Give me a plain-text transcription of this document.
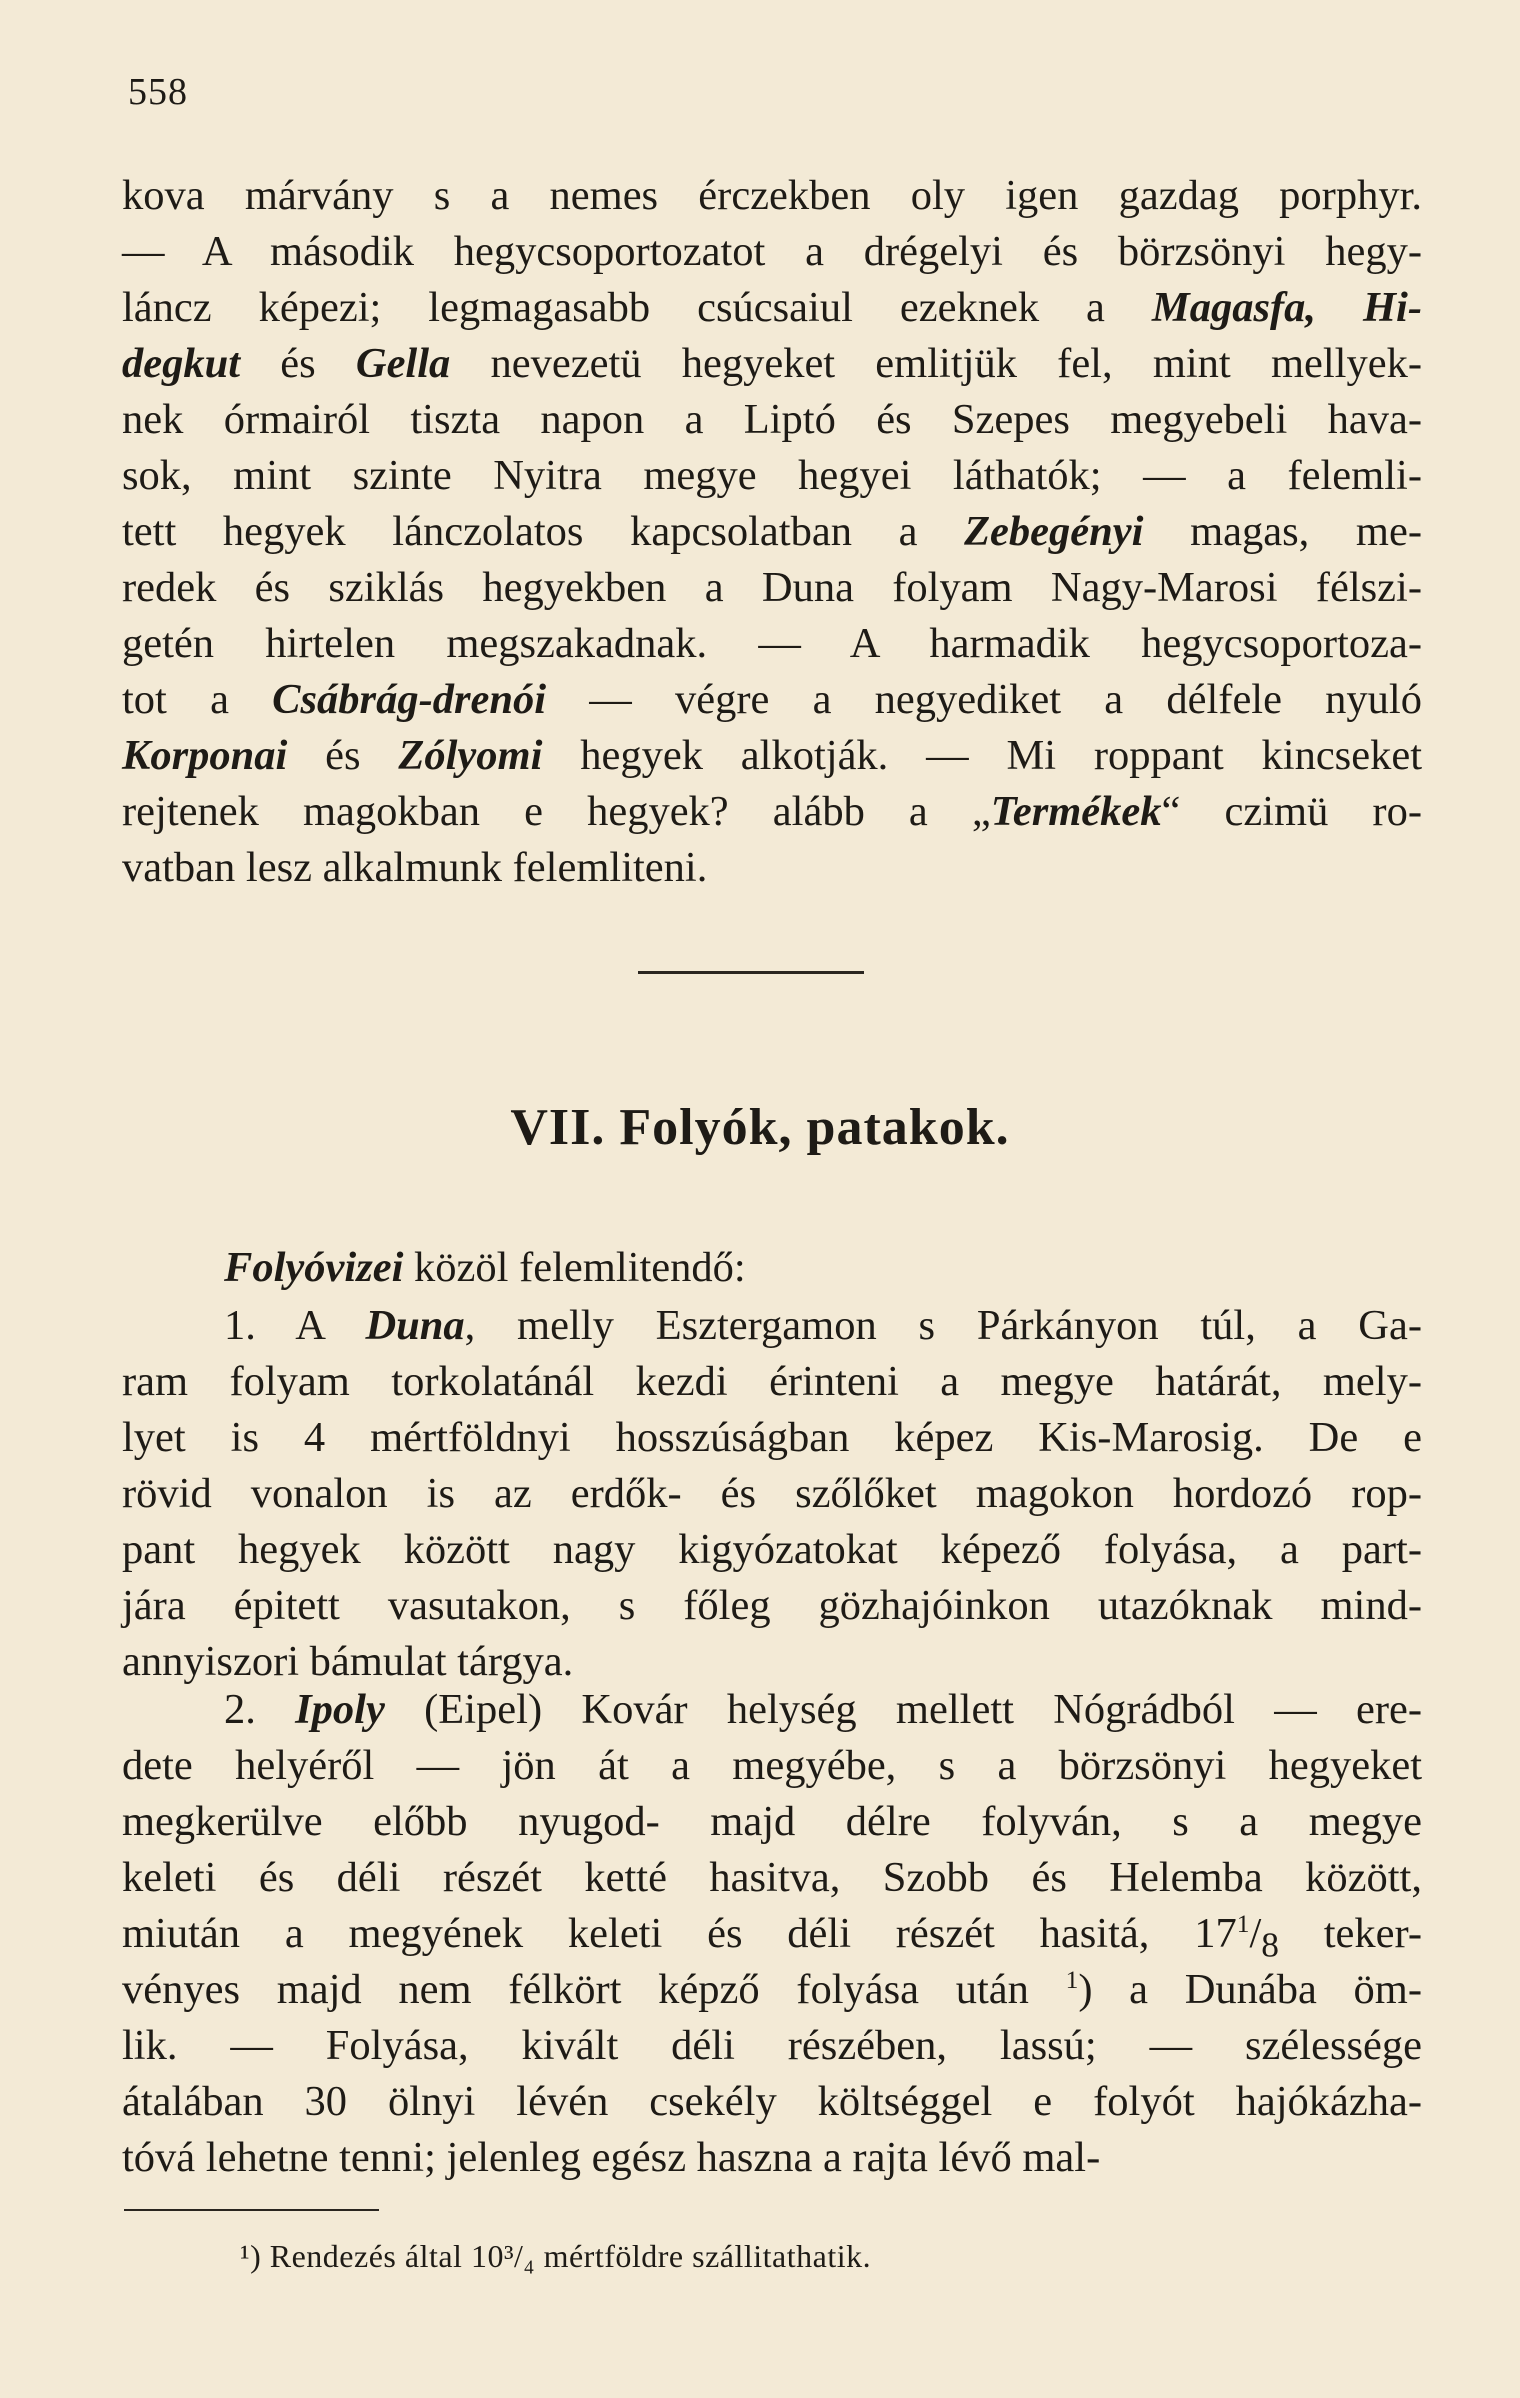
558
kova márvány s a nemes érczekben oly igen gazdag porphyr.
— A második hegycsoportozatot a drégelyi és börzsönyi hegy-
láncz képezi; legmagasabb csúcsaiul ezeknek a Magasfa, Hi-
degkut és Gella nevezetü hegyeket emlitjük fel, mint mellyek-
nek órmairól tiszta napon a Liptó és Szepes megyebeli hava-
sok, mint szinte Nyitra megye hegyei láthatók; — a felemli-
tett hegyek lánczolatos kapcsolatban a Zebegényi magas, me-
redek és sziklás hegyekben a Duna folyam Nagy-Marosi félszi-
getén hirtelen megszakadnak. — A harmadik hegycsoportoza-
tot a Csábrág-drenói — végre a negyediket a délfele nyuló
Korponai és Zólyomi hegyek alkotják. — Mi roppant kincseket
rejtenek magokban e hegyek? alább a „Termékek“ czimü ro-
vatban lesz alkalmunk felemliteni.
VII. Folyók, patakok.
Folyóvizei közöl felemlitendő:
1. A Duna, melly Esztergamon s Párkányon túl, a Ga-
ram folyam torkolatánál kezdi érinteni a megye határát, mely-
lyet is 4 mértföldnyi hosszúságban képez Kis-Marosig. De e
rövid vonalon is az erdők- és szőlőket magokon hordozó rop-
pant hegyek között nagy kigyózatokat képező folyása, a part-
jára épitett vasutakon, s főleg gözhajóinkon utazóknak mind-
annyiszori bámulat tárgya.
2. Ipoly (Eipel) Kovár helység mellett Nógrádból — ere-
dete helyéről — jön át a megyébe, s a börzsönyi hegyeket
megkerülve előbb nyugod- majd délre folyván, s a megye
keleti és déli részét ketté hasitva, Szobb és Helemba között,
miután a megyének keleti és déli részét hasitá, $17^1/_8$ teker-
vényes majd nem félkört képző folyása után $^1$) a Dunába öm-
lik. — Folyása, kivált déli részében, lassú; — szélessége
átalában 30 ölnyi lévén csekély költséggel e folyót hajókázha-
tóvá lehetne tenni; jelenleg egész haszna a rajta lévő mal-
¹) Rendezés által 10³/₄ mértföldre szállitathatik.
